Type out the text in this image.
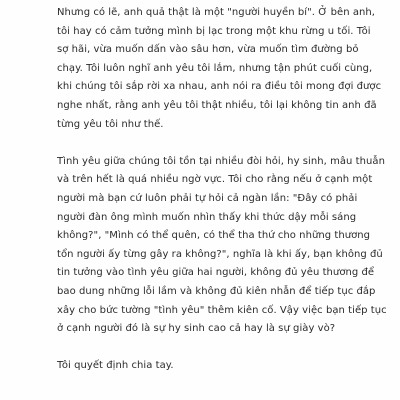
Nhưng có lẽ, anh quả thật là một "người huyền bí". Ở bên anh,
tôi hay có cảm tưởng mình bị lạc trong một khu rừng u tối. Tôi
sợ hãi, vừa muốn dấn vào sâu hơn, vừa muốn tìm đường bỏ
chạy. Tôi luôn nghĩ anh yêu tôi lắm, nhưng tận phút cuối cùng,
khi chúng tôi sắp rời xa nhau, anh nói ra điều tôi mong đợi được
nghe nhất, rằng anh yêu tôi thật nhiều, tôi lại không tin anh đã
từng yêu tôi như thế.

Tình yêu giữa chúng tôi tồn tại nhiều đòi hỏi, hy sinh, mâu thuẫn
và trên hết là quá nhiều ngờ vực. Tôi cho rằng nếu ở cạnh một
người mà bạn cứ luôn phải tự hỏi cả ngàn lần: "Đây có phải
người đàn ông mình muốn nhìn thấy khi thức dậy mỗi sáng
không?", "Mình có thể quên, có thể tha thứ cho những thương
tổn người ấy từng gây ra không?", nghĩa là khi ấy, bạn không đủ
tin tưởng vào tình yêu giữa hai người, không đủ yêu thương để
bao dung những lỗi lầm và không đủ kiên nhẫn để tiếp tục đắp
xây cho bức tường "tình yêu" thêm kiên cố. Vậy việc bạn tiếp tục
ở cạnh người đó là sự hy sinh cao cả hay là sự giày vò?

Tôi quyết định chia tay.
